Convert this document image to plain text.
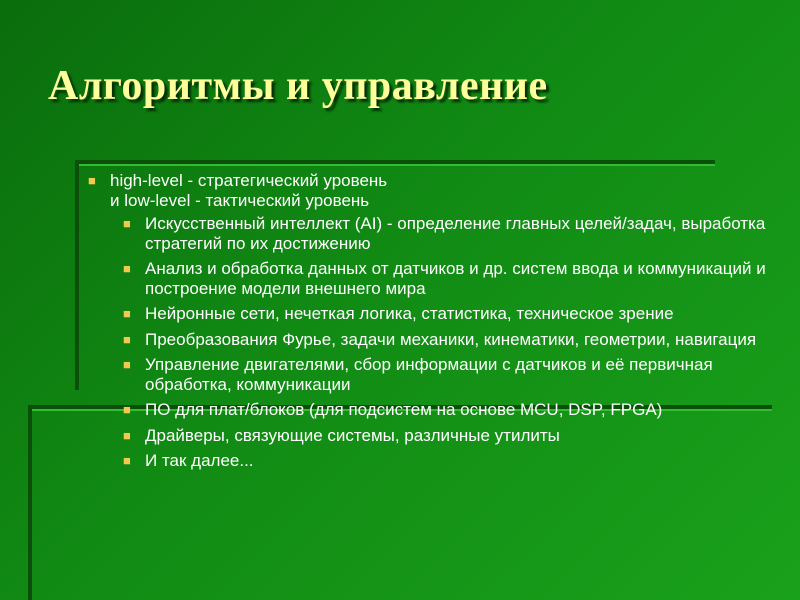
Алгоритмы и управление
■ high-level - стратегический уровень
и low-level - тактический уровень
■ Искусственный интеллект (AI) - определение главных целей/задач, выработка стратегий по их достижению
■ Анализ и обработка данных от датчиков и др. систем ввода и коммуникаций и построение модели внешнего мира
■ Нейронные сети, нечеткая логика, статистика, техническое зрение
■ Преобразования Фурье, задачи механики, кинематики, геометрии, навигация
■ Управление двигателями, сбор информации с датчиков и её первичная обработка, коммуникации
■ ПО для плат/блоков (для подсистем на основе MCU, DSP, FPGA)
■ Драйверы, связующие системы, различные утилиты
■ И так далее...
